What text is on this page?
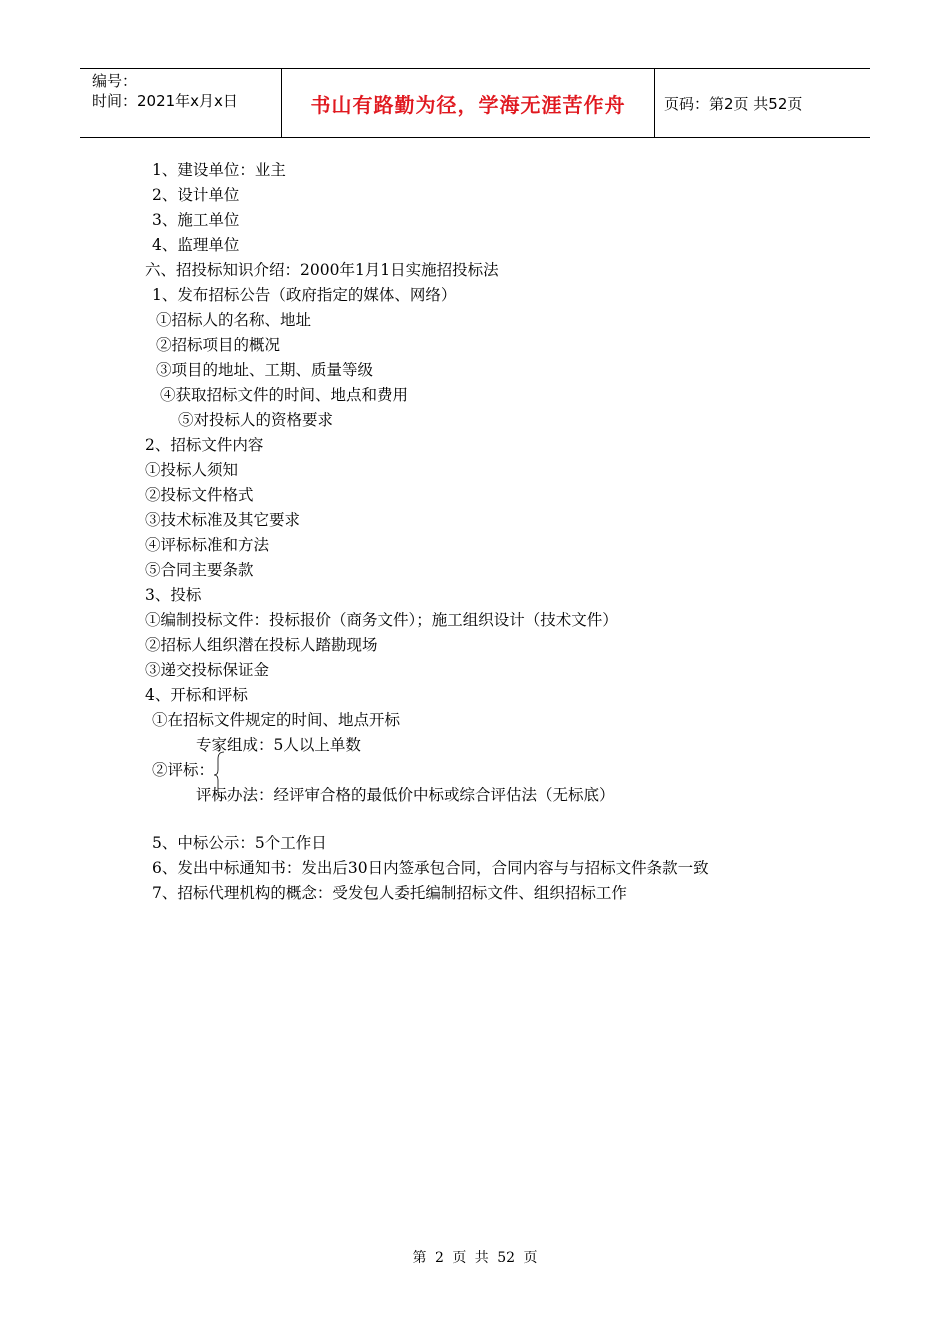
编号：
时间：2021年x月x日	书山有路勤为径，学海无涯苦作舟	页码：第2页 共52页
1、建设单位：业主
2、设计单位
3、施工单位
4、监理单位
六、招投标知识介绍：2000年1月1日实施招投标法
1、发布招标公告（政府指定的媒体、网络）
①招标人的名称、地址
②招标项目的概况
③项目的地址、工期、质量等级
④获取招标文件的时间、地点和费用
⑤对投标人的资格要求
2、招标文件内容
①投标人须知
②投标文件格式
③技术标准及其它要求
④评标标准和方法
⑤合同主要条款
3、投标
①编制投标文件：投标报价（商务文件）；施工组织设计（技术文件）
②招标人组织潜在投标人踏勘现场
③递交投标保证金
4、开标和评标
①在招标文件规定的时间、地点开标
专家组成：5人以上单数
②评标：
评标办法：经评审合格的最低价中标或综合评估法（无标底）
5、中标公示：5个工作日
6、发出中标通知书：发出后30日内签承包合同，合同内容与与招标文件条款一致
7、招标代理机构的概念：受发包人委托编制招标文件、组织招标工作
第 2 页 共 52 页
